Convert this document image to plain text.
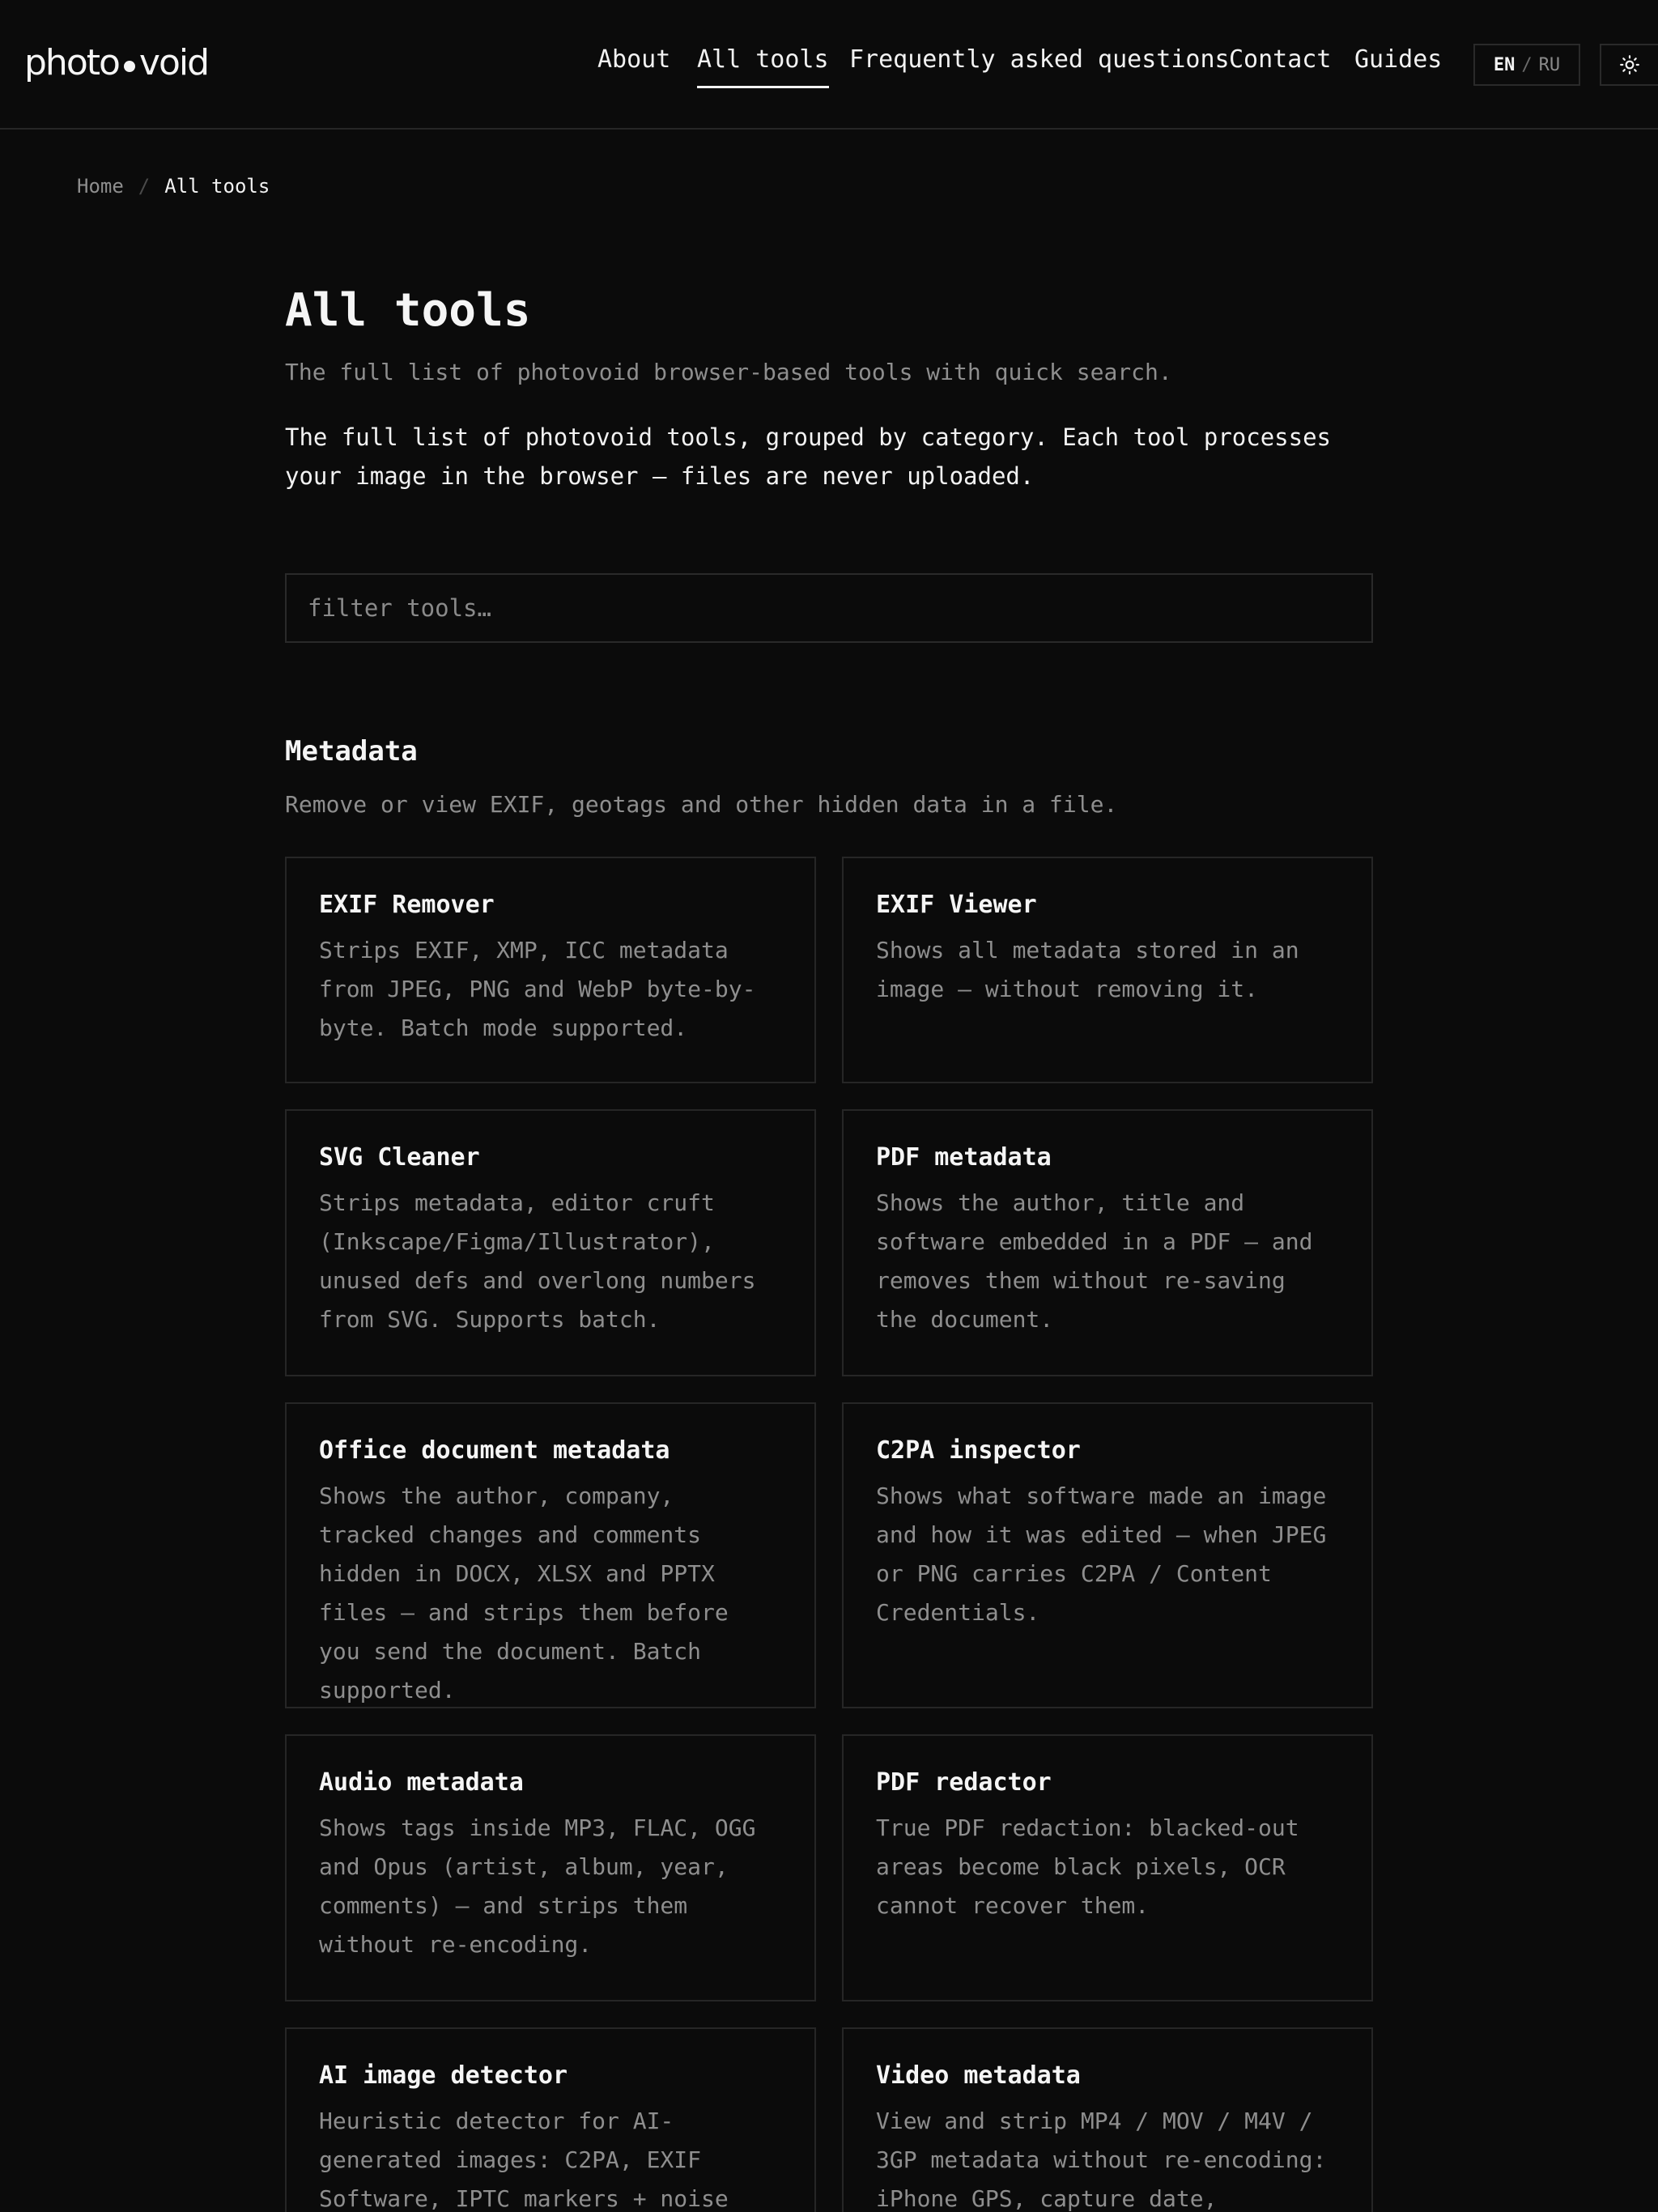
photo void	About All tools Frequently asked questions Contact Guides	EN / RU
Home / All tools
All tools

The full list of photovoid browser-based tools with quick search.

The full list of photovoid tools, grouped by category. Each tool processes your image in the browser — files are never uploaded.

filter tools…
Metadata

Remove or view EXIF, geotags and other hidden data in a file.

EXIF Remover

Strips EXIF, XMP, ICC metadata from JPEG, PNG and WebP byte-by-byte. Batch mode supported.

EXIF Viewer

Shows all metadata stored in an image — without removing it.

SVG Cleaner

Strips metadata, editor cruft (Inkscape/Figma/Illustrator), unused defs and overlong numbers from SVG. Supports batch.

PDF metadata

Shows the author, title and software embedded in a PDF — and removes them without re-saving the document.

Office document metadata

Shows the author, company, tracked changes and comments hidden in DOCX, XLSX and PPTX files — and strips them before you send the document. Batch supported.

C2PA inspector

Shows what software made an image and how it was edited — when JPEG or PNG carries C2PA / Content Credentials.

Audio metadata

Shows tags inside MP3, FLAC, OGG and Opus (artist, album, year, comments) — and strips them without re-encoding.

PDF redactor

True PDF redaction: blacked-out areas become black pixels, OCR cannot recover them.

AI image detector

Heuristic detector for AI-generated images: C2PA, EXIF Software, IPTC markers + noise

Video metadata

View and strip MP4 / MOV / M4V / 3GP metadata without re-encoding: iPhone GPS, capture date,
